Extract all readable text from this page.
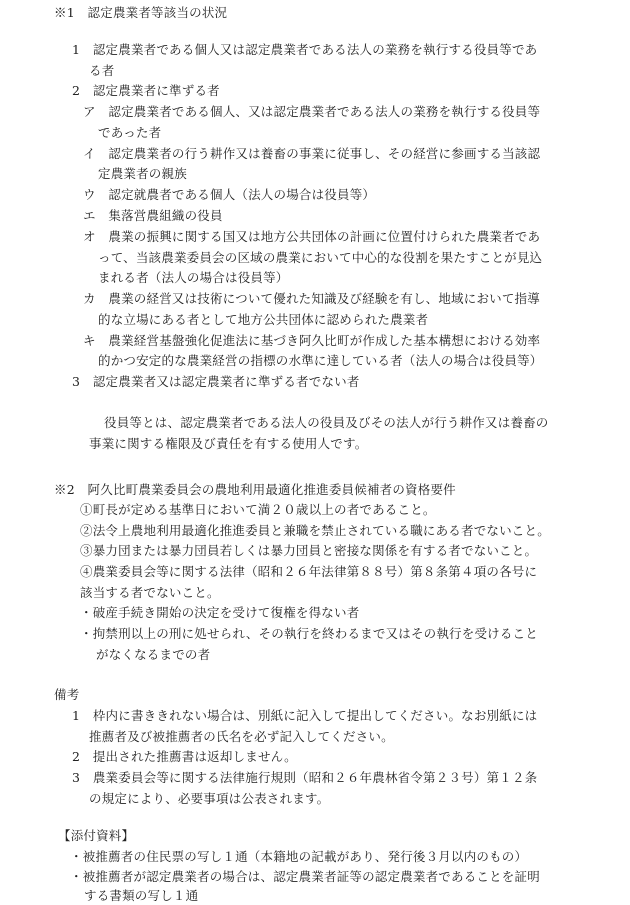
※1　認定農業者等該当の状況
1　認定農業者である個人又は認定農業者である法人の業務を執行する役員等であ
る者
2　認定農業者に準ずる者
ア　認定農業者である個人、又は認定農業者である法人の業務を執行する役員等
であった者
イ　認定農業者の行う耕作又は養畜の事業に従事し、その経営に参画する当該認
定農業者の親族
ウ　認定就農者である個人（法人の場合は役員等）
エ　集落営農組織の役員
オ　農業の振興に関する国又は地方公共団体の計画に位置付けられた農業者であ
って、当該農業委員会の区域の農業において中心的な役割を果たすことが見込
まれる者（法人の場合は役員等）
カ　農業の経営又は技術について優れた知識及び経験を有し、地域において指導
的な立場にある者として地方公共団体に認められた農業者
キ　農業経営基盤強化促進法に基づき阿久比町が作成した基本構想における効率
的かつ安定的な農業経営の指標の水準に達している者（法人の場合は役員等）
3　認定農業者又は認定農業者に準ずる者でない者
役員等とは、認定農業者である法人の役員及びその法人が行う耕作又は養畜の
事業に関する権限及び責任を有する使用人です。
※2　阿久比町農業委員会の農地利用最適化推進委員候補者の資格要件
①町長が定める基準日において満２０歳以上の者であること。
②法令上農地利用最適化推進委員と兼職を禁止されている職にある者でないこと。
③暴力団または暴力団員若しくは暴力団員と密接な関係を有する者でないこと。
④農業委員会等に関する法律（昭和２６年法律第８８号）第８条第４項の各号に
該当する者でないこと。
・破産手続き開始の決定を受けて復権を得ない者
・拘禁刑以上の刑に処せられ、その執行を終わるまで又はその執行を受けること
がなくなるまでの者
備考
1　枠内に書ききれない場合は、別紙に記入して提出してください。なお別紙には
推薦者及び被推薦者の氏名を必ず記入してください。
2　提出された推薦書は返却しません。
3　農業委員会等に関する法律施行規則（昭和２６年農林省令第２３号）第１２条
の規定により、必要事項は公表されます。
【添付資料】
・被推薦者の住民票の写し１通（本籍地の記載があり、発行後３月以内のもの）
・被推薦者が認定農業者の場合は、認定農業者証等の認定農業者であることを証明
する書類の写し１通
